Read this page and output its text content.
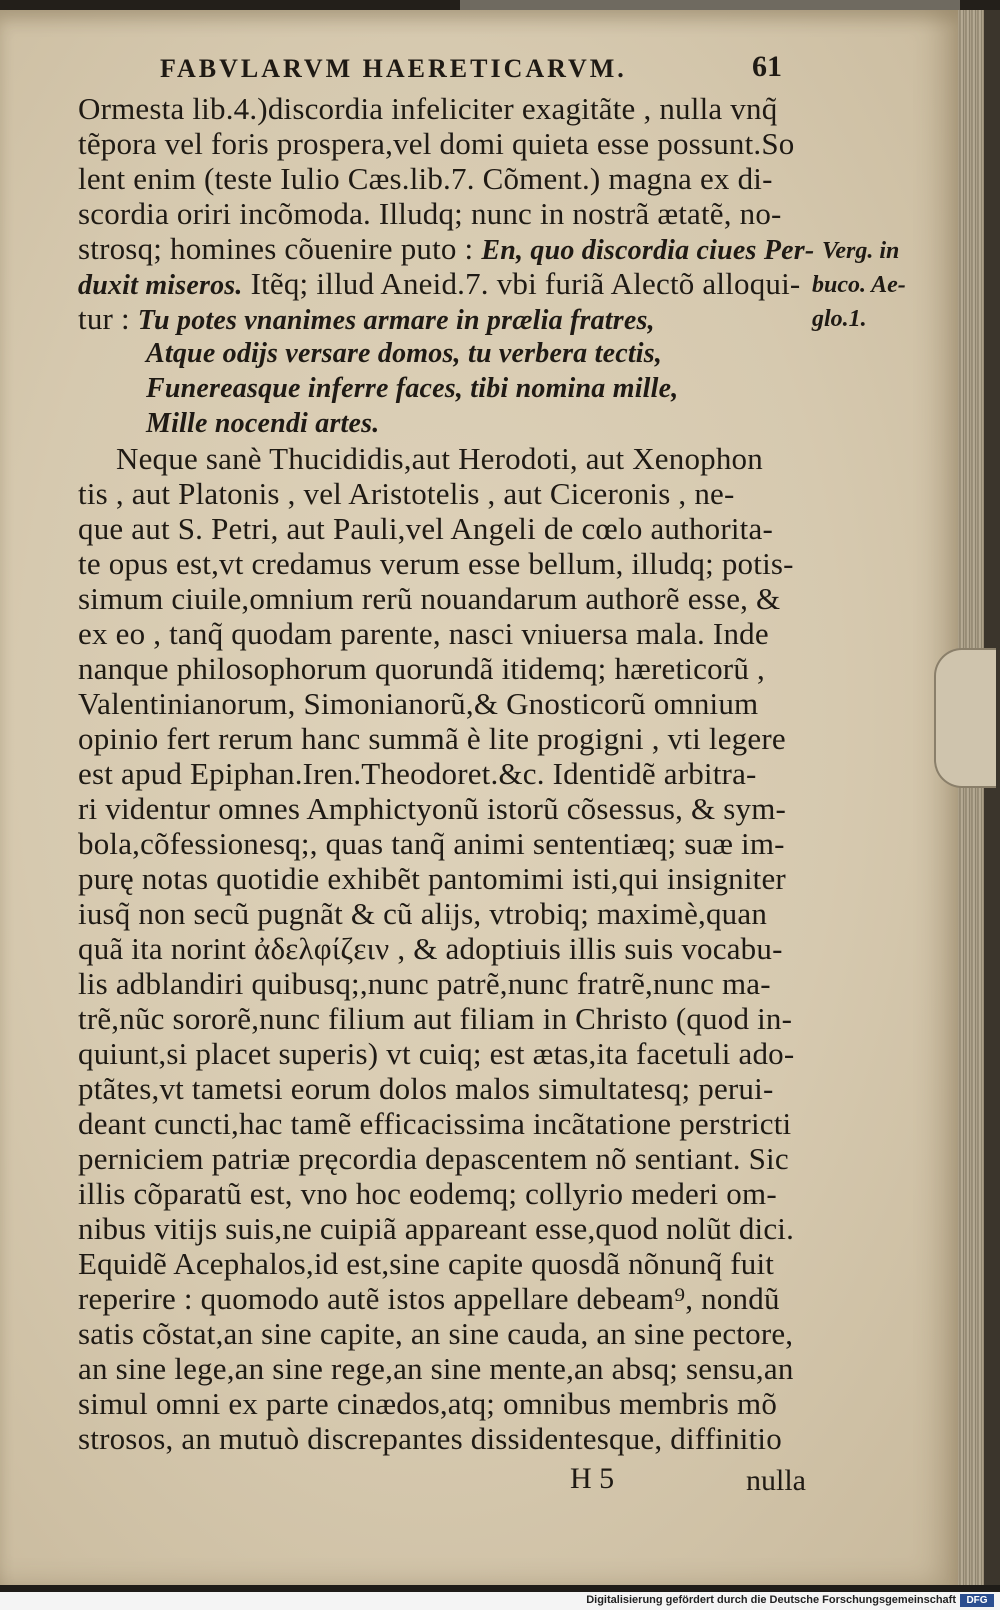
FABVLARVM HAERETICARVM.	61
Ormesta lib.4.)discordia infeliciter exagitãte , nulla vnq̃
tẽpora vel foris prospera,vel domi quieta esse possunt.So
lent enim (teste Iulio Cæs.lib.7. Cõment.) magna ex di-
scordia oriri incõmoda. Illudq; nunc in nostrã ætatẽ, no-
strosq; homines cõuenire puto : En, quo discordia ciues Per-
duxit miseros. Itẽq; illud Aneid.7. vbi furiã Alectõ alloqui-
tur : Tu potes vnanimes armare in prælia fratres,
Atque odijs versare domos, tu verbera tectis,
Funereasque inferre faces, tibi nomina mille,
Mille nocendi artes.
Neque sanè Thucididis,aut Herodoti, aut Xenophon
tis , aut Platonis , vel Aristotelis , aut Ciceronis , ne-
que aut S. Petri, aut Pauli,vel Angeli de cœlo authorita-
te opus est,vt credamus verum esse bellum, illudq; potis-
simum ciuile,omnium rerũ nouandarum authorẽ esse, &
ex eo , tanq̃ quodam parente, nasci vniuersa mala. Inde
nanque philosophorum quorundã itidemq; hæreticorũ ,
Valentinianorum, Simonianorũ,& Gnosticorũ omnium
opinio fert rerum hanc summã è lite progigni , vti legere
est apud Epiphan.Iren.Theodoret.&c. Identidẽ arbitra-
ri videntur omnes Amphictyonũ istorũ cõsessus, & sym-
bola,cõfessionesq;, quas tanq̃ animi sententiæq; suæ im-
purę notas quotidie exhibẽt pantomimi isti,qui insigniter
iusq̃ non secũ pugnãt & cũ alijs, vtrobiq; maximè,quan
quã ita norint ἀδελφίζειν , & adoptiuis illis suis vocabu-
lis adblandiri quibusq;,nunc patrẽ,nunc fratrẽ,nunc ma-
trẽ,nũc sororẽ,nunc filium aut filiam in Christo (quod in-
quiunt,si placet superis) vt cuiq; est ætas,ita facetuli ado-
ptãtes,vt tametsi eorum dolos malos simultatesq; perui-
deant cuncti,hac tamẽ efficacissima incãtatione perstricti
perniciem patriæ pręcordia depascentem nõ sentiant. Sic
illis cõparatũ est, vno hoc eodemq; collyrio mederi om-
nibus vitijs suis,ne cuipiã appareant esse,quod nolũt dici.
Equidẽ Acephalos,id est,sine capite quosdã nõnunq̃ fuit
reperire : quomodo autẽ istos appellare debeam⁹, nondũ
satis cõstat,an sine capite, an sine cauda, an sine pectore,
an sine lege,an sine rege,an sine mente,an absq; sensu,an
simul omni ex parte cinædos,atq; omnibus membris mõ
strosos, an mutuò discrepantes dissidentesque, diffinitio
Verg. in
buco. Ae-
glo.1.
H 5	nulla
Digitalisierung gefördert durch die Deutsche Forschungsgemeinschaft	DFG
